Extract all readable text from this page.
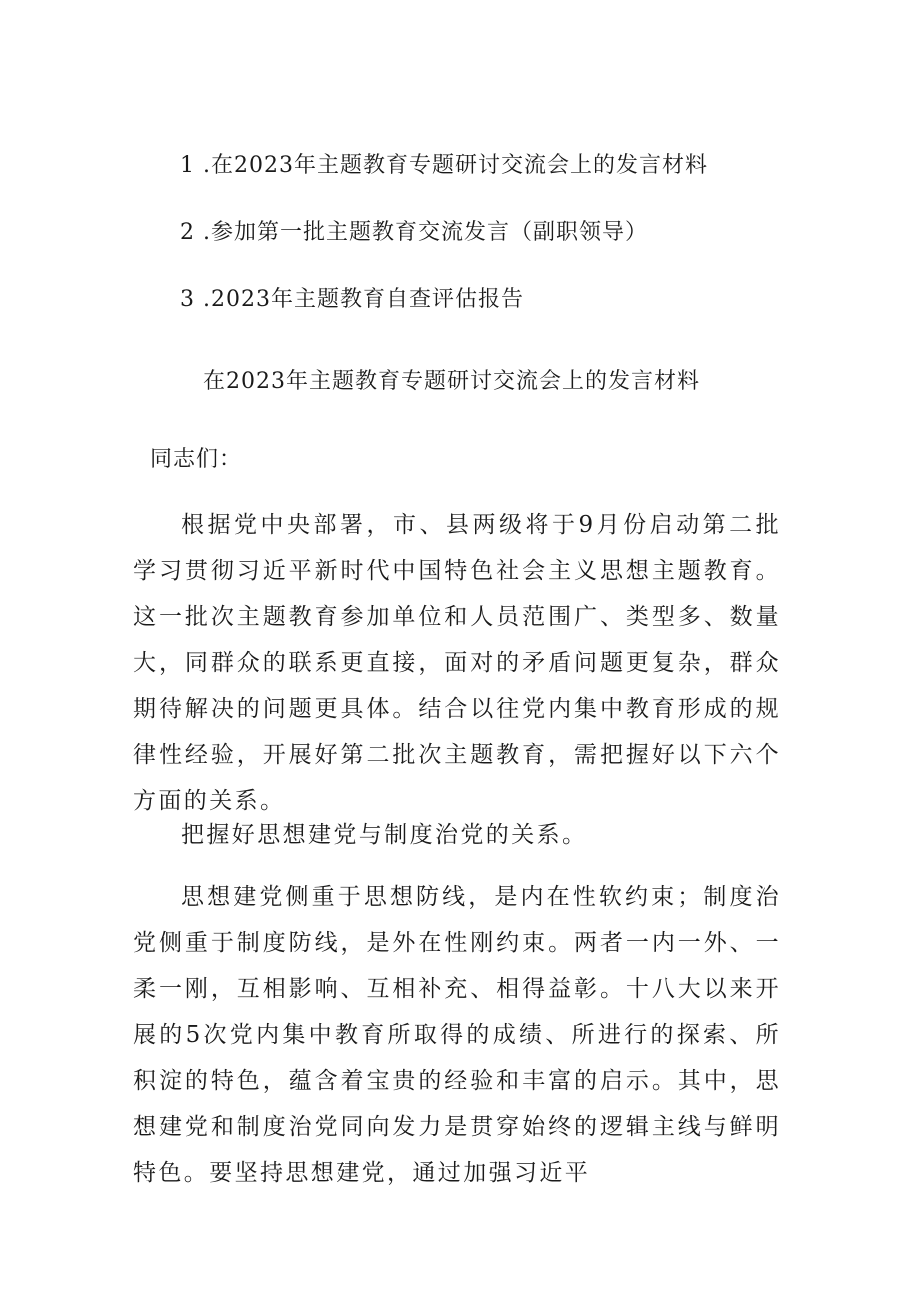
1 .在2023年主题教育专题研讨交流会上的发言材料
2 .参加第一批主题教育交流发言（副职领导）
3 .2023年主题教育自查评估报告
在2023年主题教育专题研讨交流会上的发言材料
同志们：

根据党中央部署，市、县两级将于9月份启动第二批学习贯彻习近平新时代中国特色社会主义思想主题教育。这一批次主题教育参加单位和人员范围广、类型多、数量大，同群众的联系更直接，面对的矛盾问题更复杂，群众期待解决的问题更具体。结合以往党内集中教育形成的规律性经验，开展好第二批次主题教育，需把握好以下六个方面的关系。

把握好思想建党与制度治党的关系。

思想建党侧重于思想防线，是内在性软约束；制度治党侧重于制度防线，是外在性刚约束。两者一内一外、一柔一刚，互相影响、互相补充、相得益彰。十八大以来开展的5次党内集中教育所取得的成绩、所进行的探索、所积淀的特色，蕴含着宝贵的经验和丰富的启示。其中，思想建党和制度治党同向发力是贯穿始终的逻辑主线与鲜明特色。要坚持思想建党，通过加强习近平
